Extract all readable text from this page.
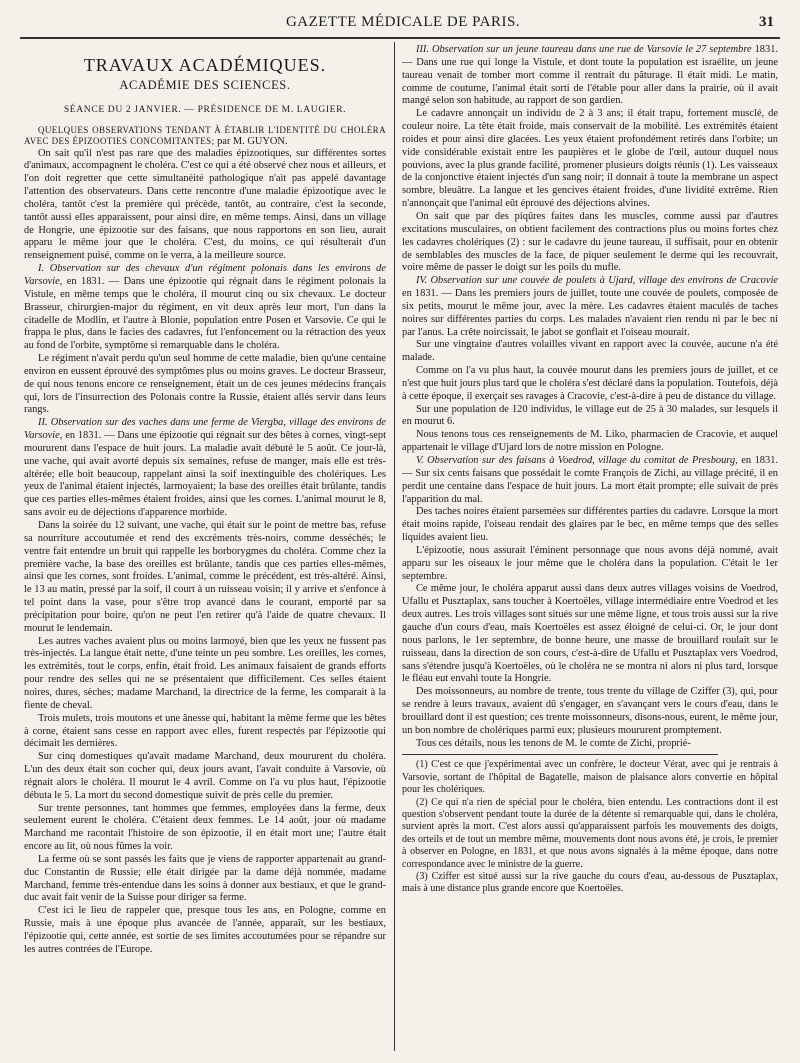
GAZETTE MÉDICALE DE PARIS.	31
TRAVAUX ACADÉMIQUES.
ACADÉMIE DES SCIENCES.
SÉANCE DU 2 JANVIER. — PRÉSIDENCE DE M. LAUGIER.

QUELQUES OBSERVATIONS TENDANT À ÉTABLIR L'IDENTITÉ DU CHOLÉRA AVEC DES ÉPIZOOTIES CONCOMITANTES; par M. GUYON.

On sait qu'il n'est pas rare que des maladies épizootiques, sur différentes sortes d'animaux, accompagnent le choléra. C'est ce qui a été observé chez nous et ailleurs, et l'on doit regretter que cette simultanéité pathologique n'ait pas appelé davantage l'attention des observateurs. Dans cette rencontre d'une maladie épizootique avec le choléra, tantôt c'est la première qui précède, tantôt, au contraire, c'est la seconde, tantôt aussi elles apparaissent, pour ainsi dire, en même temps. Ainsi, dans un village de Hongrie, une épizootie sur des faisans, que nous rapportons en son lieu, aurait apparu le même jour que le choléra. C'est, du moins, ce qui résulterait d'un renseignement puisé, comme on le verra, à la meilleure source.

I. Observation sur des chevaux d'un régiment polonais dans les environs de Varsovie, en 1831. — Dans une épizootie qui régnait dans le régiment polonais la Vistule, en même temps que le choléra, il mourut cinq ou six chevaux. Le docteur Brasseur, chirurgien-major du régiment, en vit deux après leur mort, l'un dans la citadelle de Modlin, et l'autre à Blonie, population entre Posen et Varsovie. Ce qui le frappa le plus, dans le facies des cadavres, fut l'enfoncement ou la rétraction des yeux au fond de l'orbite, symptôme si remarquable dans le choléra.

Le régiment n'avait perdu qu'un seul homme de cette maladie, bien qu'une centaine environ en eussent éprouvé des symptômes plus ou moins graves. Le docteur Brasseur, de qui nous tenons encore ce renseignement, était un de ces jeunes médecins français qui, lors de l'insurrection des Polonais contre la Russie, étaient allés servir dans leurs rangs.

II. Observation sur des vaches dans une ferme de Viergba, village des environs de Varsovie, en 1831. — Dans une épizootie qui régnait sur des bêtes à cornes, vingt-sept moururent dans l'espace de huit jours. La maladie avait débuté le 5 août. Ce jour-là, une vache, qui avait avorté depuis six semaines, refuse de manger, mais elle est très-altérée; elle boit beaucoup, rappelant ainsi la soif inextinguible des cholériques. Les yeux de l'animal étaient injectés, larmoyaient; la base des oreilles était brûlante, tandis que ces parties elles-mêmes étaient froides, ainsi que les cornes. L'animal mourut le 8, sans avoir eu de déjections d'apparence morbide.

Dans la soirée du 12 suivant, une vache, qui était sur le point de mettre bas, refuse sa nourriture accoutumée et rend des excréments très-noirs, comme desséchés; le ventre fait entendre un bruit qui rappelle les borborygmes du choléra. Comme chez la première vache, la base des oreilles est brûlante, tandis que ces parties elles-mêmes, ainsi que les cornes, sont froides. L'animal, comme le précédent, est très-altéré. Ainsi, le 13 au matin, pressé par la soif, il court à un ruisseau voisin; il y arrive et s'enfonce à tel point dans la vase, pour s'être trop avancé dans le courant, emporté par sa précipitation pour boire, qu'on ne peut l'en retirer qu'à l'aide de quatre chevaux. Il mourut le lendemain.

Les autres vaches avaient plus ou moins larmoyé, bien que les yeux ne fussent pas très-injectés. La langue était nette, d'une teinte un peu sombre. Les oreilles, les cornes, les extrémités, tout le corps, enfin, était froid. Les animaux faisaient de grands efforts pour rendre des selles qui ne se présentaient que difficilement. Ces selles étaient noires, dures, sèches; madame Marchand, la directrice de la ferme, les comparait à la fiente de cheval.

Trois mulets, trois moutons et une ânesse qui, habitant la même ferme que les bêtes à corne, étaient sans cesse en rapport avec elles, furent respectés par l'épizootie qui décimait les dernières.

Sur cinq domestiques qu'avait madame Marchand, deux moururent du choléra. L'un des deux était son cocher qui, deux jours avant, l'avait conduite à Varsovie, où régnait alors le choléra. Il mourut le 4 avril. Comme on l'a vu plus haut, l'épizootie débuta le 5. La mort du second domestique suivit de près celle du premier.

Sur trente personnes, tant hommes que femmes, employées dans la ferme, deux seulement eurent le choléra. C'étaient deux femmes. Le 14 août, jour où madame Marchand me racontait l'histoire de son épizootie, il en était mort une; l'autre était encore au lit, où nous fûmes la voir.

La ferme où se sont passés les faits que je viens de rapporter appartenait au grand-duc Constantin de Russie; elle était dirigée par la dame déjà nommée, madame Marchand, femme très-entendue dans les soins à donner aux bestiaux, et que le grand-duc avait fait venir de la Suisse pour diriger sa ferme.

C'est ici le lieu de rappeler que, presque tous les ans, en Pologne, comme en Russie, mais à une époque plus avancée de l'année, apparaît, sur les bestiaux, l'épizootie qui, cette année, est sortie de ses limites accoutumées pour se répandre sur les autres contrées de l'Europe.

III. Observation sur un jeune taureau dans une rue de Varsovie le 27 septembre 1831. — Dans une rue qui longe la Vistule, et dont toute la population est israélite, un jeune taureau venait de tomber mort comme il rentrait du pâturage. Il était midi. Le matin, comme de coutume, l'animal était sorti de l'étable pour aller dans la prairie, où il avait mangé selon son habitude, au rapport de son gardien.

Le cadavre annonçait un individu de 2 à 3 ans; il était trapu, fortement musclé, de couleur noire. La tête était froide, mais conservait de la mobilité. Les extrémités étaient roides et pour ainsi dire glacées. Les yeux étaient profondément retirés dans l'orbite; un vide considérable existait entre les paupières et le globe de l'œil, autour duquel nous pouvions, avec la plus grande facilité, promener plusieurs doigts réunis (1). Les vaisseaux de la conjonctive étaient injectés d'un sang noir; il donnait à toute la membrane un aspect sombre, bleuâtre. La langue et les gencives étaient froides, d'une lividité extrême. Rien n'annonçait que l'animal eût éprouvé des déjections alvines.

On sait que par des piqûres faites dans les muscles, comme aussi par d'autres excitations musculaires, on obtient facilement des contractions plus ou moins fortes chez les cadavres cholériques (2) : sur le cadavre du jeune taureau, il suffisait, pour en obtenir de semblables des muscles de la face, de piquer seulement le derme qui les recouvrait, voire même de passer le doigt sur les poils du mufle.

IV. Observation sur une couvée de poulets à Ujard, village des environs de Cracovie en 1831. — Dans les premiers jours de juillet, toute une couvée de poulets, composée de six petits, mourut le même jour, avec la mère. Les cadavres étaient maculés de taches noires sur différentes parties du corps. Les malades n'avaient rien rendu ni par le bec ni par l'anus. La crête noircissait, le jabot se gonflait et l'oiseau mourait.

Sur une vingtaine d'autres volailles vivant en rapport avec la couvée, aucune n'a été malade.

Comme on l'a vu plus haut, la couvée mourut dans les premiers jours de juillet, et ce n'est que huit jours plus tard que le choléra s'est déclaré dans la population. Toutefois, déjà à cette époque, il exerçait ses ravages à Cracovie, c'est-à-dire à peu de distance du village.

Sur une population de 120 individus, le village eut de 25 à 30 malades, sur lesquels il en mourut 6.

Nous tenons tous ces renseignements de M. Liko, pharmacien de Cracovie, et auquel appartenait le village d'Ujard lors de notre mission en Pologne.

V. Observation sur des faisans à Voedrod, village du comitat de Presbourg, en 1831. — Sur six cents faisans que possédait le comte François de Zichi, au village précité, il en perdit une centaine dans l'espace de huit jours. La mort était prompte; elle suivait de près l'apparition du mal.

Des taches noires étaient parsemées sur différentes parties du cadavre. Lorsque la mort était moins rapide, l'oiseau rendait des glaires par le bec, en même temps que des selles liquides avaient lieu.

L'épizootie, nous assurait l'éminent personnage que nous avons déjà nommé, avait apparu sur les oiseaux le jour même que le choléra dans la population. C'était le 1er septembre.

Ce même jour, le choléra apparut aussi dans deux autres villages voisins de Voedrod, Ufallu et Pusztaplax, sans toucher à Koertoëles, village intermédiaire entre Voedrod et les deux autres. Les trois villages sont situés sur une même ligne, et tous trois aussi sur la rive gauche d'un cours d'eau, mais Koertoëles est assez éloigné de celui-ci. Or, le jour dont nous parlons, le 1er septembre, de bonne heure, une masse de brouillard roulait sur le ruisseau, dans la direction de son cours, c'est-à-dire de Ufallu et Pusztaplax vers Voedrod, sans s'étendre jusqu'à Koertoëles, où le choléra ne se montra ni alors ni plus tard, lorsque le fléau eut envahi toute la Hongrie.

Des moissonneurs, au nombre de trente, tous trente du village de Cziffer (3), qui, pour se rendre à leurs travaux, avaient dû s'engager, en s'avançant vers le cours d'eau, dans le brouillard dont il est question; ces trente moissonneurs, disons-nous, eurent, le même jour, un bon nombre de cholériques parmi eux; plusieurs moururent promptement.

Tous ces détails, nous les tenons de M. le comte de Zichi, proprié-

(1) C'est ce que j'expérimentai avec un confrère, le docteur Vérat, avec qui je rentrais à Varsovie, sortant de l'hôpital de Bagatelle, maison de plaisance alors convertie en hôpital pour les cholériques.

(2) Ce qui n'a rien de spécial pour le choléra, bien entendu. Les contractions dont il est question s'observent pendant toute la durée de la détente si remarquable qui, dans le choléra, survient après la mort. C'est alors aussi qu'apparaissent parfois les mouvements des doigts, des orteils et de tout un membre même, mouvements dont nous avons été, je crois, le premier à observer en Pologne, en 1831, et que nous avons signalés à la même époque, dans notre correspondance avec le ministre de la guerre.

(3) Cziffer est situé aussi sur la rive gauche du cours d'eau, au-dessous de Pusztaplax, mais à une distance plus grande encore que Koertoëles.
